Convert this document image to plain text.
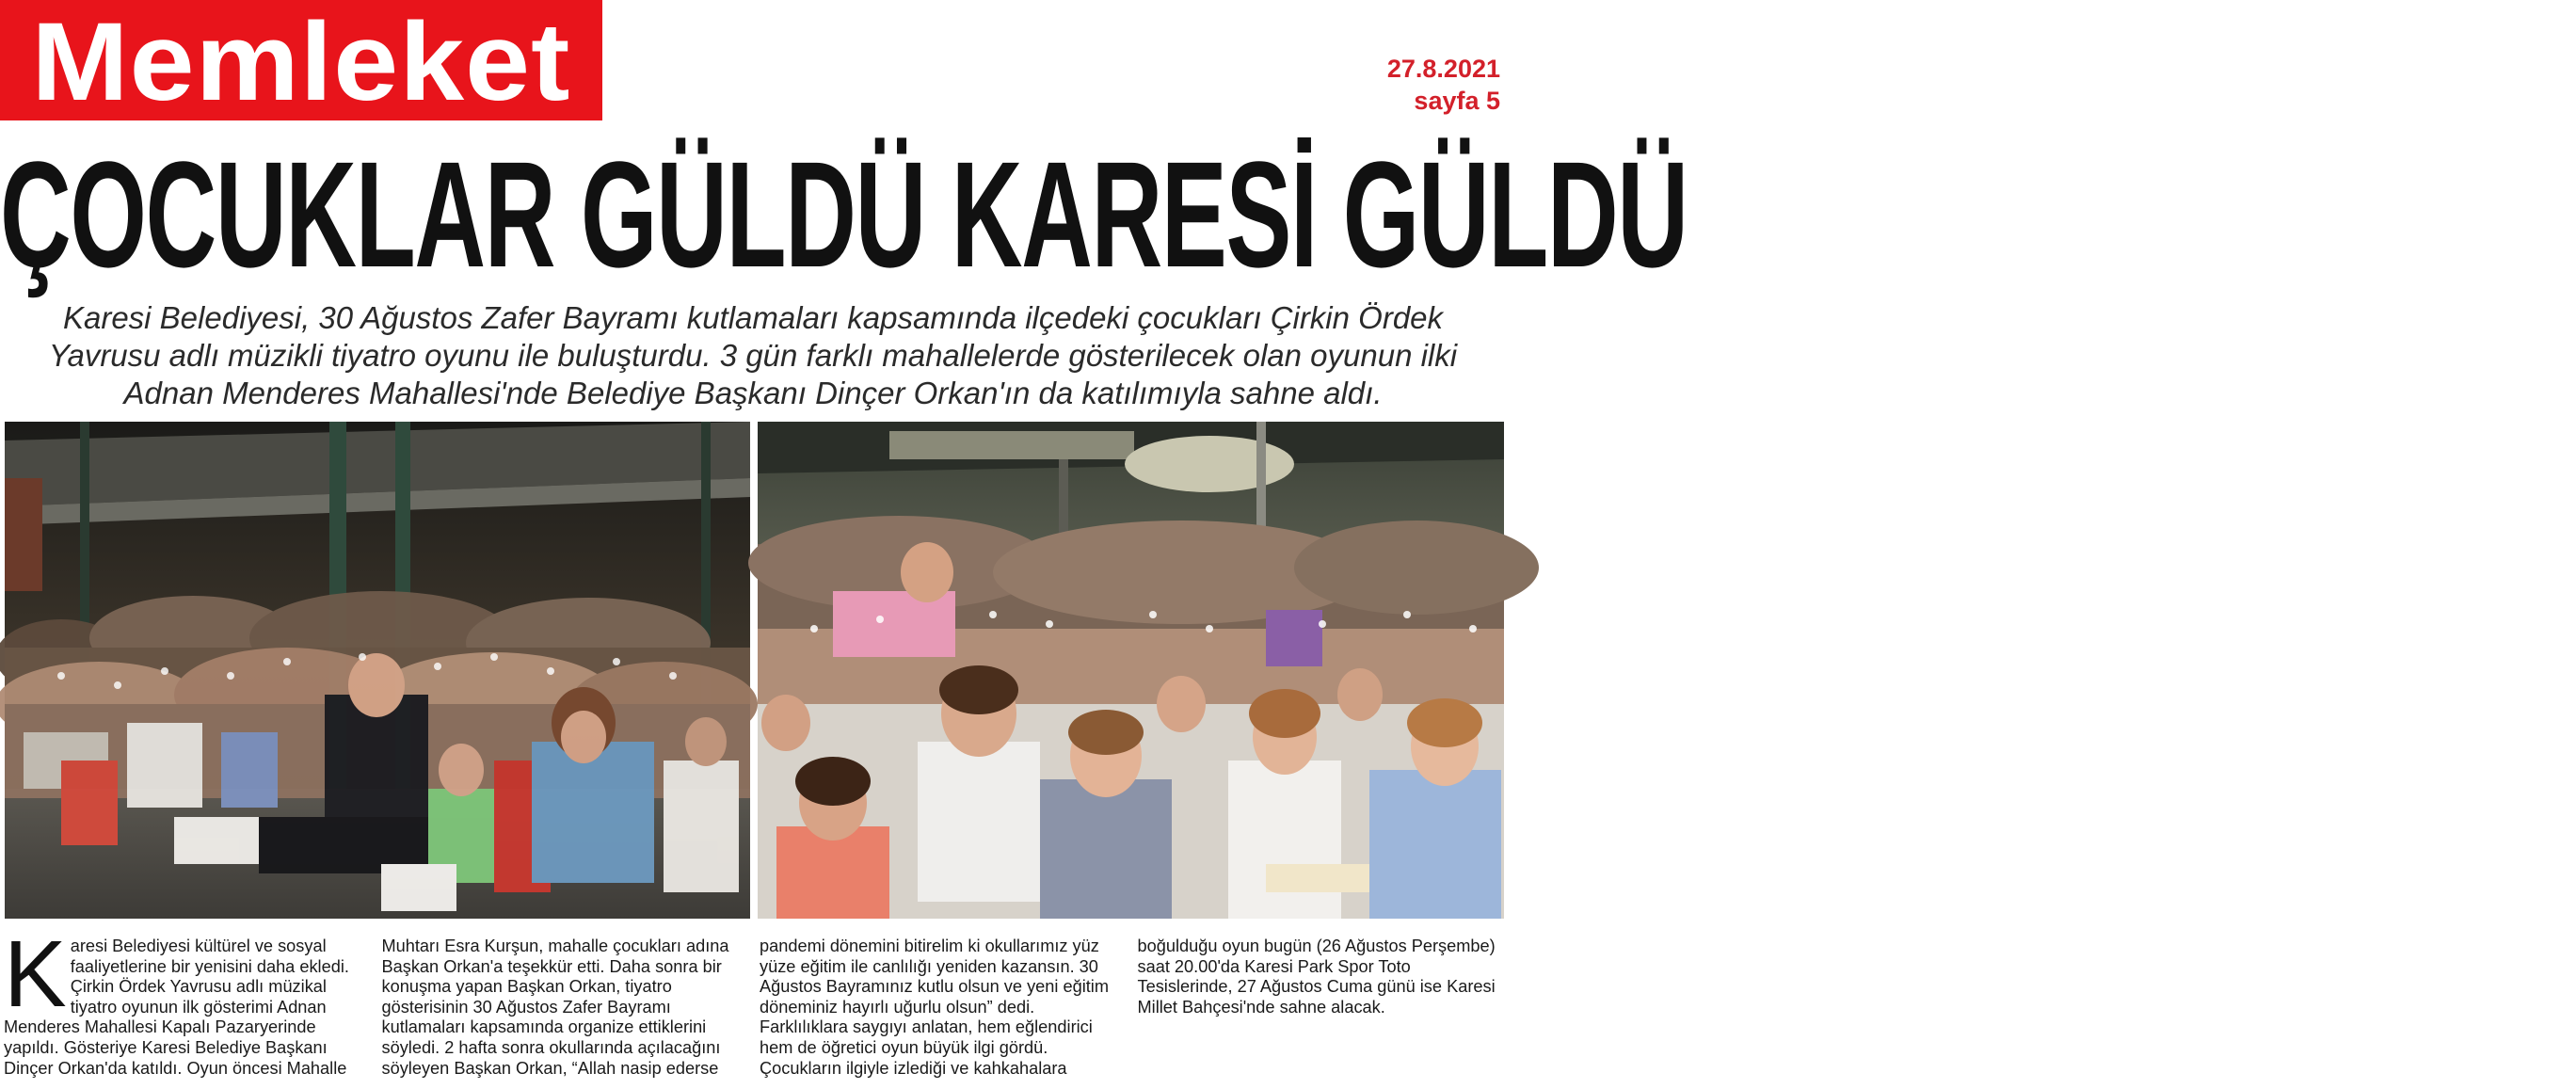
Memleket	27.8.2021
sayfa 5
ÇOCUKLAR GÜLDÜ KARESİ GÜLDÜ

Karesi Belediyesi, 30 Ağustos Zafer Bayramı kutlamaları kapsamında ilçedeki çocukları Çirkin Ördek

Yavrusu adlı müzikli tiyatro oyunu ile buluşturdu. 3 gün farklı mahallelerde gösterilecek olan oyunun ilki

Adnan Menderes Mahallesi'nde Belediye Başkanı Dinçer Orkan'ın da katılımıyla sahne aldı.

K aresi Belediyesi kültürel ve sosyal faaliyetlerine bir yenisini daha ekledi. Çirkin Ördek Yavrusu adlı müzikal tiyatro oyunun ilk gösterimi Adnan Menderes Mahallesi Kapalı Pazaryerinde yapıldı. Gösteriye Karesi Belediye Başkanı Dinçer Orkan'da katıldı. Oyun öncesi Mahalle

Muhtarı Esra Kurşun, mahalle çocukları adına Başkan Orkan'a teşekkür etti. Daha sonra bir konuşma yapan Başkan Orkan, tiyatro gösterisinin 30 Ağustos Zafer Bayramı kutlamaları kapsamında organize ettiklerini söyledi. 2 hafta sonra okullarında açılacağını söyleyen Başkan Orkan, “Allah nasip ederse

pandemi dönemini bitirelim ki okullarımız yüz yüze eğitim ile canlılığı yeniden kazansın. 30 Ağustos Bayramınız kutlu olsun ve yeni eğitim döneminiz hayırlı uğurlu olsun” dedi. Farklılıklara saygıyı anlatan, hem eğlendirici hem de öğretici oyun büyük ilgi gördü. Çocukların ilgiyle izlediği ve kahkahalara

boğulduğu oyun bugün (26 Ağustos Perşembe) saat 20.00'da Karesi Park Spor Toto Tesislerinde, 27 Ağustos Cuma günü ise Karesi Millet Bahçesi'nde sahne alacak.
